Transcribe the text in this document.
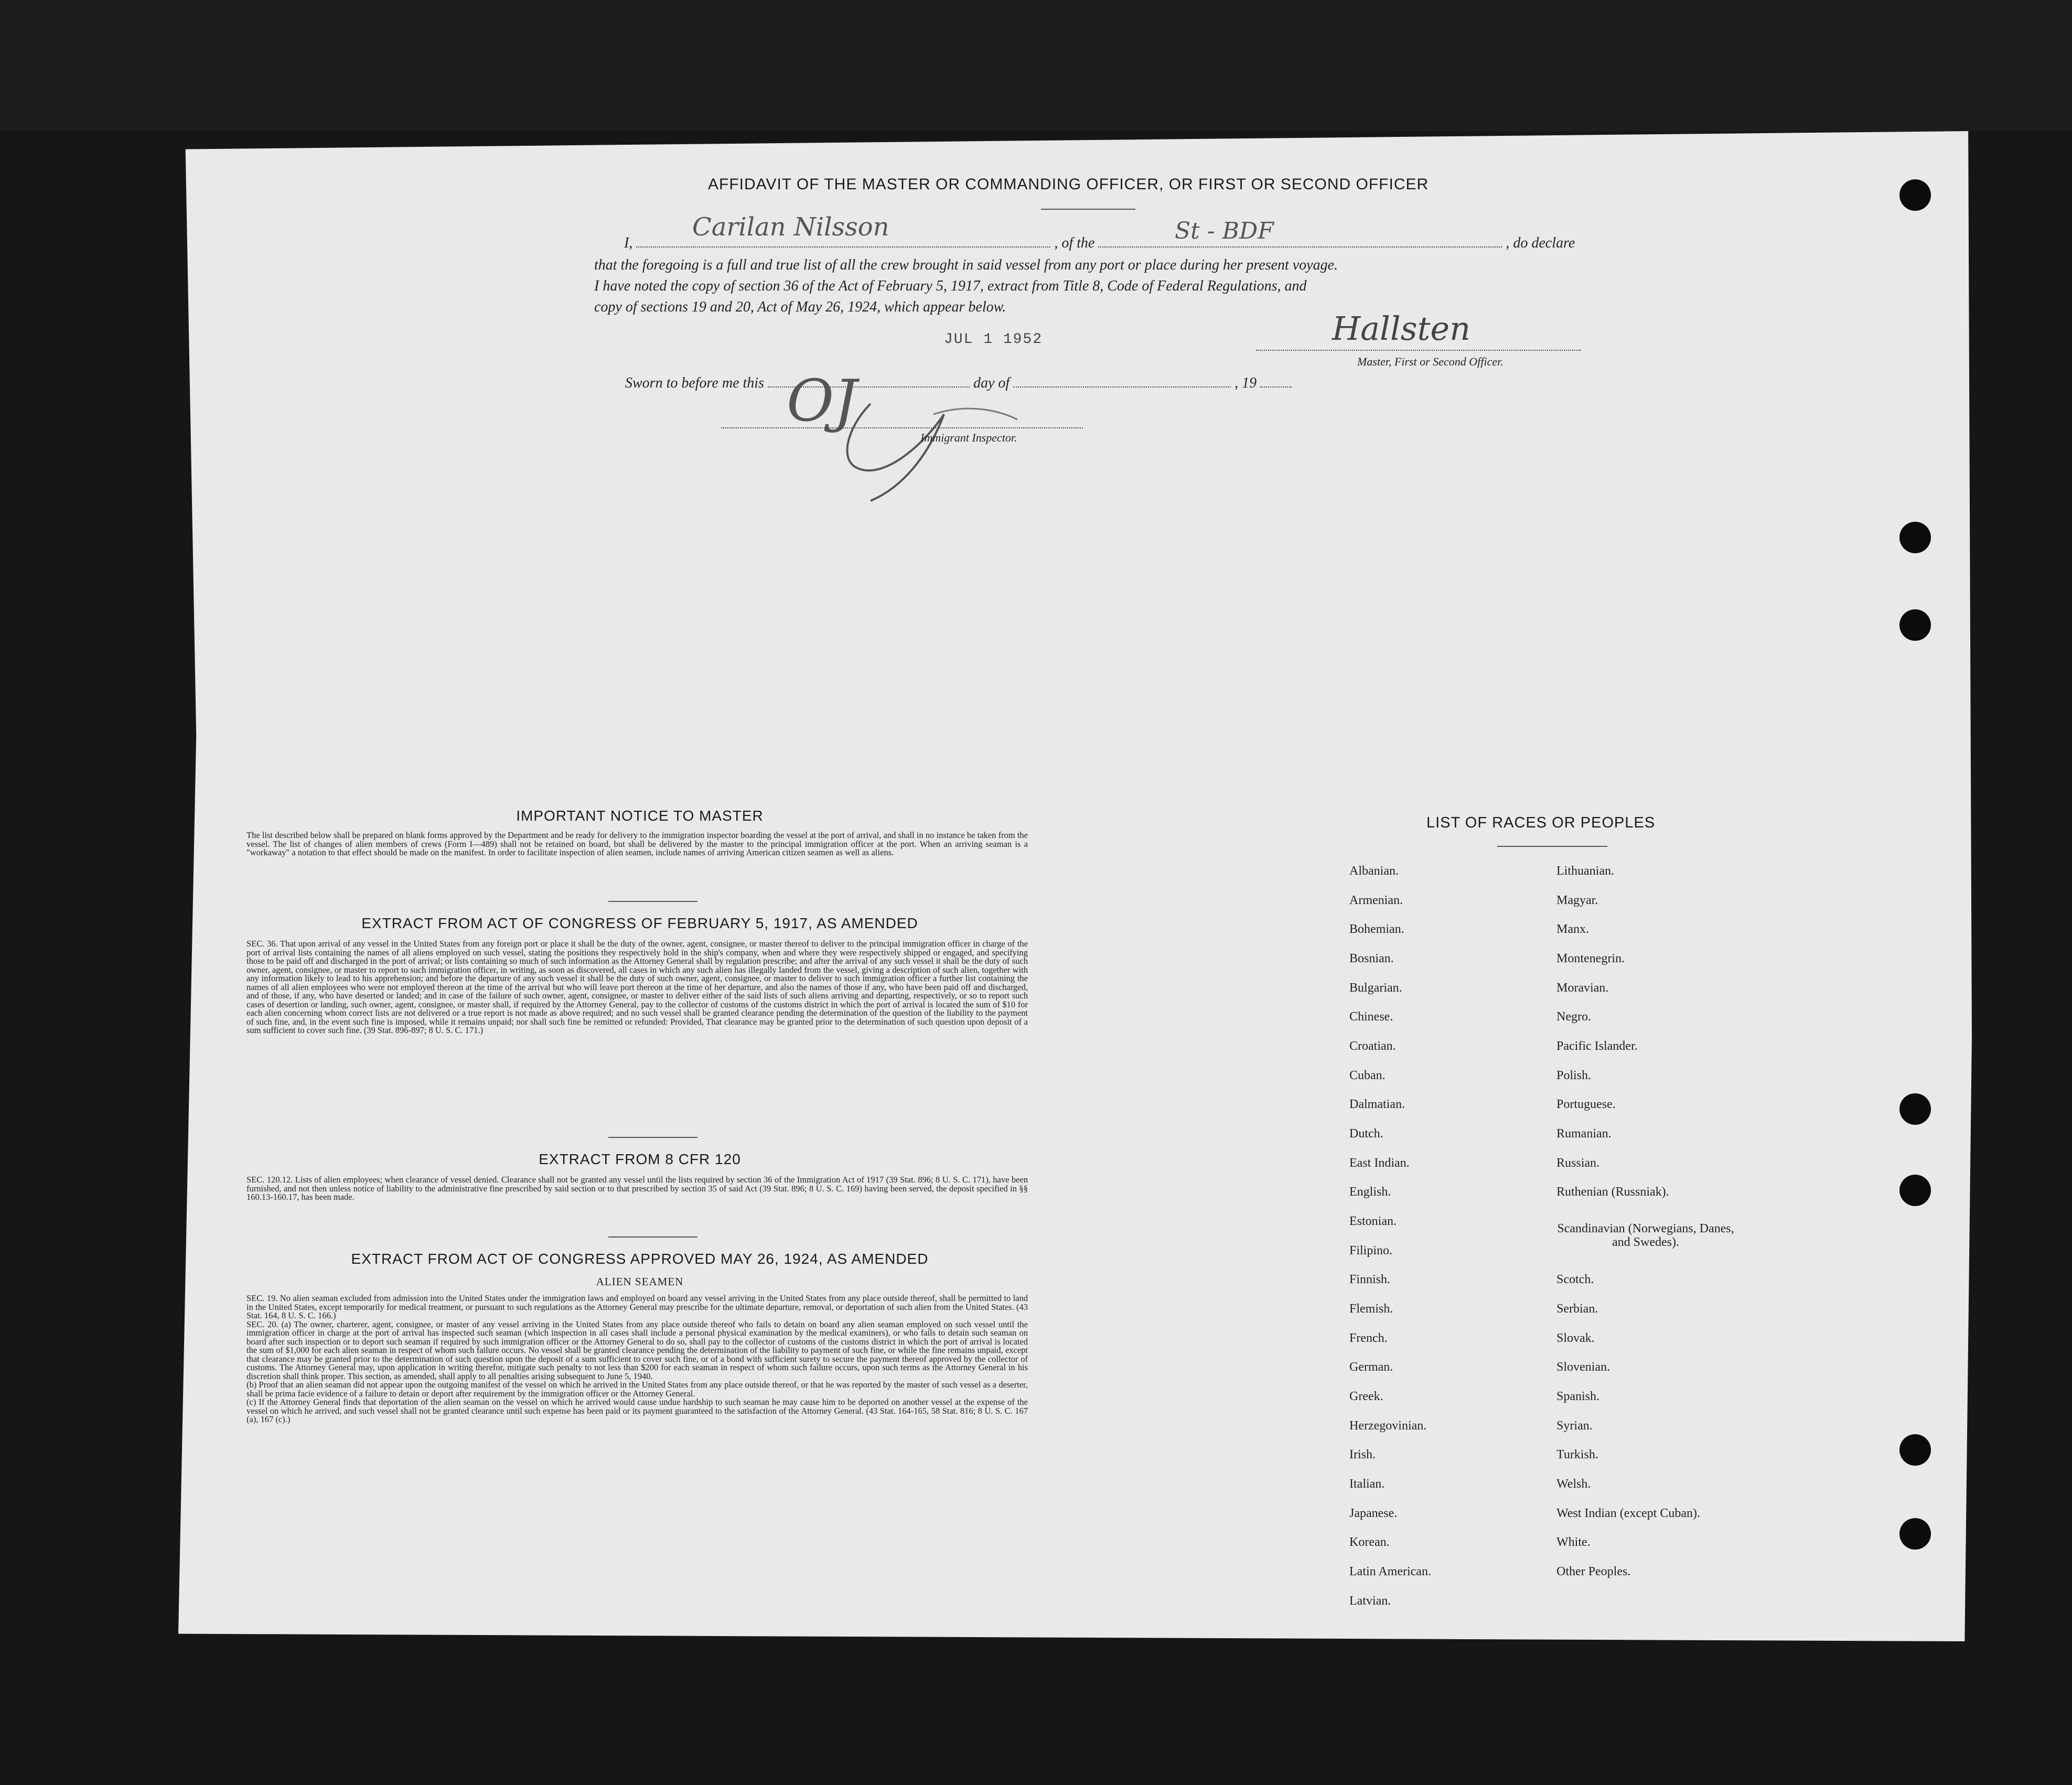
AFFIDAVIT OF THE MASTER OR COMMANDING OFFICER, OR FIRST OR SECOND OFFICER
I,	, of the	, do declare
Carilan Nilsson	St - BDF
that the foregoing is a full and true list of all the crew brought in said vessel from any port or place during her present voyage.
I have noted the copy of section 36 of the Act of February 5, 1917, extract from Title 8, Code of Federal Regulations, and
copy of sections 19 and 20, Act of May 26, 1924, which appear below.
JUL 1 1952	Hallsten
Master, First or Second Officer.
Sworn to before me this	day of	, 19
OJ
Immigrant Inspector.
IMPORTANT NOTICE TO MASTER
The list described below shall be prepared on blank forms approved by the Department and be ready for delivery to the immigration inspector boarding the vessel at the port of arrival, and shall in no instance be taken from the vessel. The list of changes of alien members of crews (Form I—489) shall not be retained on board, but shall be delivered by the master to the principal immigration officer at the port. When an arriving seaman is a "workaway" a notation to that effect should be made on the manifest. In order to facilitate inspection of alien seamen, include names of arriving American citizen seamen as well as aliens.
EXTRACT FROM ACT OF CONGRESS OF FEBRUARY 5, 1917, AS AMENDED
SEC. 36. That upon arrival of any vessel in the United States from any foreign port or place it shall be the duty of the owner, agent, consignee, or master thereof to deliver to the principal immigration officer in charge of the port of arrival lists containing the names of all aliens employed on such vessel, stating the positions they respectively hold in the ship's company, when and where they were respectively shipped or engaged, and specifying those to be paid off and discharged in the port of arrival; or lists containing so much of such information as the Attorney General shall by regulation prescribe; and after the arrival of any such vessel it shall be the duty of such owner, agent, consignee, or master to report to such immigration officer, in writing, as soon as discovered, all cases in which any such alien has illegally landed from the vessel, giving a description of such alien, together with any information likely to lead to his apprehension; and before the departure of any such vessel it shall be the duty of such owner, agent, consignee, or master to deliver to such immigration officer a further list containing the names of all alien employees who were not employed thereon at the time of the arrival but who will leave port thereon at the time of her departure, and also the names of those if any, who have been paid off and discharged, and of those, if any, who have deserted or landed; and in case of the failure of such owner, agent, consignee, or master to deliver either of the said lists of such aliens arriving and departing, respectively, or so to report such cases of desertion or landing, such owner, agent, consignee, or master shall, if required by the Attorney General, pay to the collector of customs of the customs district in which the port of arrival is located the sum of $10 for each alien concerning whom correct lists are not delivered or a true report is not made as above required; and no such vessel shall be granted clearance pending the determination of the question of the liability to the payment of such fine, and, in the event such fine is imposed, while it remains unpaid; nor shall such fine be remitted or refunded: Provided, That clearance may be granted prior to the determination of such question upon deposit of a sum sufficient to cover such fine. (39 Stat. 896-897; 8 U. S. C. 171.)
EXTRACT FROM 8 CFR 120
SEC. 120.12. Lists of alien employees; when clearance of vessel denied. Clearance shall not be granted any vessel until the lists required by section 36 of the Immigration Act of 1917 (39 Stat. 896; 8 U. S. C. 171), have been furnished, and not then unless notice of liability to the administrative fine prescribed by said section or to that prescribed by section 35 of said Act (39 Stat. 896; 8 U. S. C. 169) having been served, the deposit specified in §§ 160.13-160.17, has been made.
EXTRACT FROM ACT OF CONGRESS APPROVED MAY 26, 1924, AS AMENDED
ALIEN SEAMEN
SEC. 19. No alien seaman excluded from admission into the United States under the immigration laws and employed on board any vessel arriving in the United States from any place outside thereof, shall be permitted to land in the United States, except temporarily for medical treatment, or pursuant to such regulations as the Attorney General may prescribe for the ultimate departure, removal, or deportation of such alien from the United States. (43 Stat. 164, 8 U. S. C. 166.)
SEC. 20. (a) The owner, charterer, agent, consignee, or master of any vessel arriving in the United States from any place outside thereof who fails to detain on board any alien seaman employed on such vessel until the immigration officer in charge at the port of arrival has inspected such seaman (which inspection in all cases shall include a personal physical examination by the medical examiners), or who fails to detain such seaman on board after such inspection or to deport such seaman if required by such immigration officer or the Attorney General to do so, shall pay to the collector of customs of the customs district in which the port of arrival is located the sum of $1,000 for each alien seaman in respect of whom such failure occurs. No vessel shall be granted clearance pending the determination of the liability to payment of such fine, or while the fine remains unpaid, except that clearance may be granted prior to the determination of such question upon the deposit of a sum sufficient to cover such fine, or of a bond with sufficient surety to secure the payment thereof approved by the collector of customs. The Attorney General may, upon application in writing therefor, mitigate such penalty to not less than $200 for each seaman in respect of whom such failure occurs, upon such terms as the Attorney General in his discretion shall think proper. This section, as amended, shall apply to all penalties arising subsequent to June 5, 1940.
(b) Proof that an alien seaman did not appear upon the outgoing manifest of the vessel on which he arrived in the United States from any place outside thereof, or that he was reported by the master of such vessel as a deserter, shall be prima facie evidence of a failure to detain or deport after requirement by the immigration officer or the Attorney General.
(c) If the Attorney General finds that deportation of the alien seaman on the vessel on which he arrived would cause undue hardship to such seaman he may cause him to be deported on another vessel at the expense of the vessel on which he arrived, and such vessel shall not be granted clearance until such expense has been paid or its payment guaranteed to the satisfaction of the Attorney General. (43 Stat. 164-165, 58 Stat. 816; 8 U. S. C. 167 (a), 167 (c).)
LIST OF RACES OR PEOPLES
Albanian.
Armenian.
Bohemian.
Bosnian.
Bulgarian.
Chinese.
Croatian.
Cuban.
Dalmatian.
Dutch.
East Indian.
English.
Estonian.
Filipino.
Finnish.
Flemish.
French.
German.
Greek.
Herzegovinian.
Irish.
Italian.
Japanese.
Korean.
Latin American.
Latvian.
Lithuanian.
Magyar.
Manx.
Montenegrin.
Moravian.
Negro.
Pacific Islander.
Polish.
Portuguese.
Rumanian.
Russian.
Ruthenian (Russniak).
Scandinavian (Norwegians, Danes, and Swedes).
Scotch.
Serbian.
Slovak.
Slovenian.
Spanish.
Syrian.
Turkish.
Welsh.
West Indian (except Cuban).
White.
Other Peoples.
